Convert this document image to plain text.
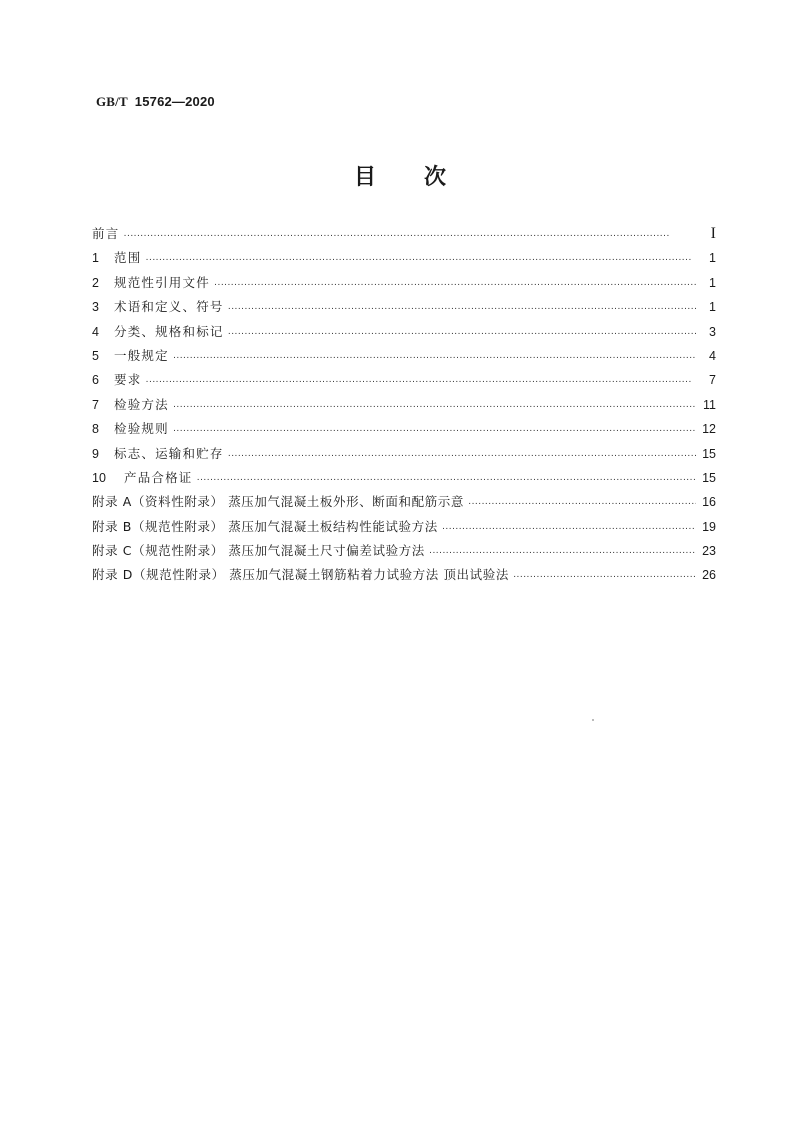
GB/T 15762—2020
目 次
前言 ·····	I
1	范围 ·····	1
2	规范性引用文件 ·····	1
3	术语和定义、符号 ·····	1
4	分类、规格和标记 ·····	3
5	一般规定 ·····	4
6	要求 ·····	7
7	检验方法 ·····	11
8	检验规则 ·····	12
9	标志、运输和贮存 ·····	15
10	产品合格证 ·····	15
附录 A（资料性附录） 蒸压加气混凝土板外形、断面和配筋示意 ·····	16
附录 B（规范性附录） 蒸压加气混凝土板结构性能试验方法 ·····	19
附录 C（规范性附录） 蒸压加气混凝土尺寸偏差试验方法 ·····	23
附录 D（规范性附录） 蒸压加气混凝土钢筋粘着力试验方法 顶出试验法 ·····	26
